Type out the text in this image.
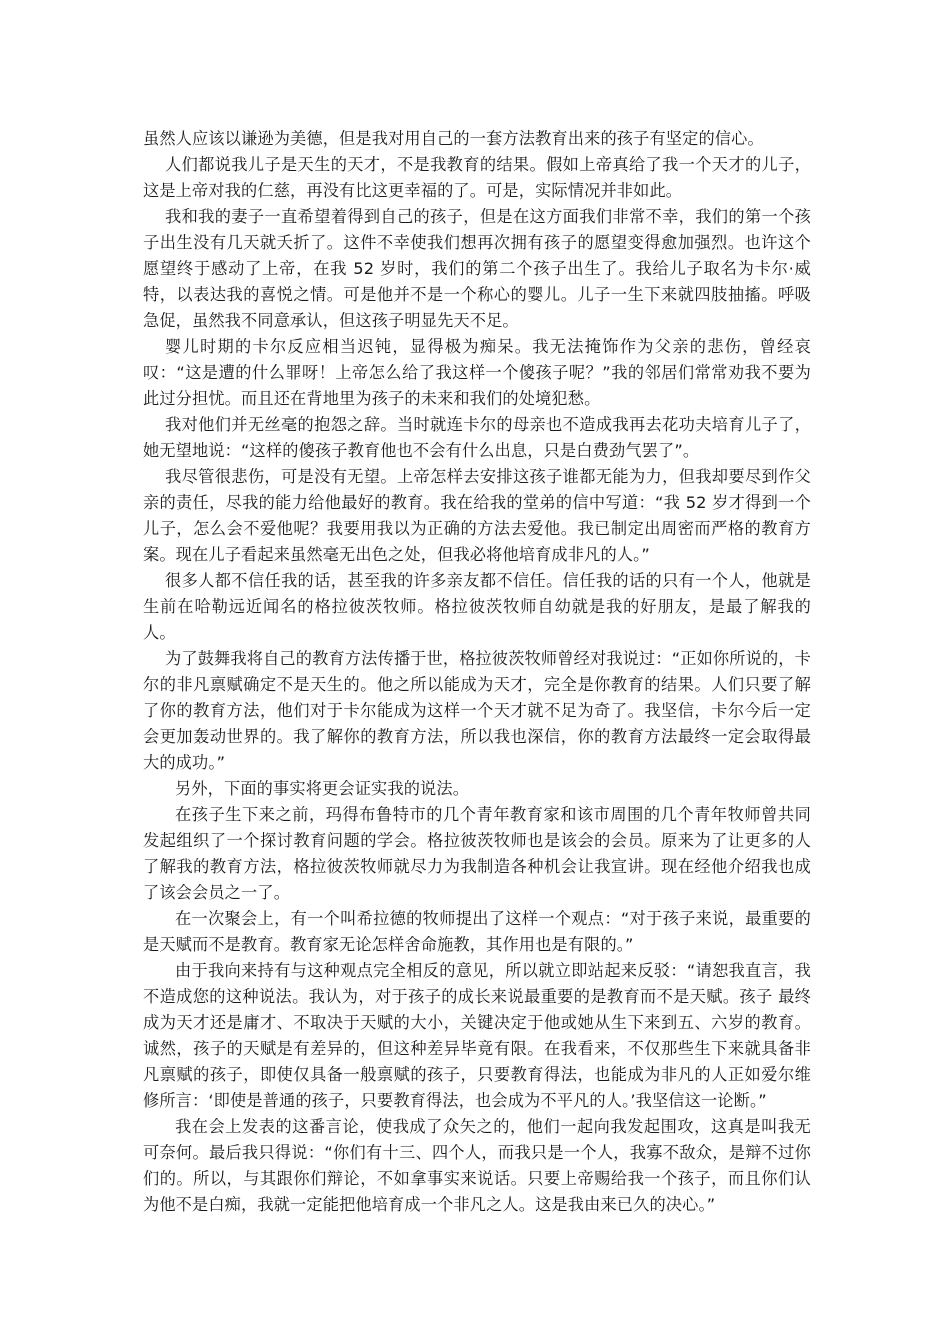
虽然人应该以谦逊为美德，但是我对用自己的一套方法教育出来的孩子有坚定的信心。

人们都说我儿子是天生的天才，不是我教育的结果。假如上帝真给了我一个天才的儿子，这是上帝对我的仁慈，再没有比这更幸福的了。可是，实际情况并非如此。

我和我的妻子一直希望着得到自己的孩子，但是在这方面我们非常不幸，我们的第一个孩子出生没有几天就夭折了。这件不幸使我们想再次拥有孩子的愿望变得愈加强烈。也许这个愿望终于感动了上帝，在我 52 岁时，我们的第二个孩子出生了。我给儿子取名为卡尔·威特，以表达我的喜悦之情。可是他并不是一个称心的婴儿。儿子一生下来就四肢抽搐。呼吸急促，虽然我不同意承认，但这孩子明显先天不足。

婴儿时期的卡尔反应相当迟钝，显得极为痴呆。我无法掩饰作为父亲的悲伤，曾经哀叹：“这是遭的什么罪呀！上帝怎么给了我这样一个傻孩子呢？”我的邻居们常常劝我不要为此过分担忧。而且还在背地里为孩子的未来和我们的处境犯愁。

我对他们并无丝毫的抱怨之辞。当时就连卡尔的母亲也不造成我再去花功夫培育儿子了，她无望地说：“这样的傻孩子教育他也不会有什么出息，只是白费劲气罢了”。

我尽管很悲伤，可是没有无望。上帝怎样去安排这孩子谁都无能为力，但我却要尽到作父亲的责任，尽我的能力给他最好的教育。我在给我的堂弟的信中写道：“我 52 岁才得到一个儿子，怎么会不爱他呢？我要用我以为正确的方法去爱他。我已制定出周密而严格的教育方案。现在儿子看起来虽然毫无出色之处，但我必将他培育成非凡的人。”

很多人都不信任我的话，甚至我的许多亲友都不信任。信任我的话的只有一个人，他就是生前在哈勒远近闻名的格拉彼茨牧师。格拉彼茨牧师自幼就是我的好朋友，是最了解我的人。

为了鼓舞我将自己的教育方法传播于世，格拉彼茨牧师曾经对我说过：“正如你所说的，卡尔的非凡禀赋确定不是天生的。他之所以能成为天才，完全是你教育的结果。人们只要了解了你的教育方法，他们对于卡尔能成为这样一个天才就不足为奇了。我坚信，卡尔今后一定会更加轰动世界的。我了解你的教育方法，所以我也深信，你的教育方法最终一定会取得最大的成功。”

另外，下面的事实将更会证实我的说法。

在孩子生下来之前，玛得布鲁特市的几个青年教育家和该市周围的几个青年牧师曾共同发起组织了一个探讨教育问题的学会。格拉彼茨牧师也是该会的会员。原来为了让更多的人了解我的教育方法，格拉彼茨牧师就尽力为我制造各种机会让我宣讲。现在经他介绍我也成了该会会员之一了。

在一次聚会上，有一个叫希拉德的牧师提出了这样一个观点：“对于孩子来说，最重要的是天赋而不是教育。教育家无论怎样舍命施教，其作用也是有限的。”

由于我向来持有与这种观点完全相反的意见，所以就立即站起来反驳：“请恕我直言，我不造成您的这种说法。我认为，对于孩子的成长来说最重要的是教育而不是天赋。孩子 最终成为天才还是庸才、不取决于天赋的大小，关键决定于他或她从生下来到五、六岁的教育。诚然，孩子的天赋是有差异的，但这种差异毕竟有限。在我看来，不仅那些生下来就具备非凡禀赋的孩子，即使仅具备一般禀赋的孩子，只要教育得法，也能成为非凡的人正如爱尔维修所言：‘即使是普通的孩子，只要教育得法，也会成为不平凡的人。’我坚信这一论断。”

我在会上发表的这番言论，使我成了众矢之的，他们一起向我发起围攻，这真是叫我无可奈何。最后我只得说：“你们有十三、四个人，而我只是一个人，我寡不敌众，是辩不过你们的。所以，与其跟你们辩论，不如拿事实来说话。只要上帝赐给我一个孩子，而且你们认为他不是白痴，我就一定能把他培育成一个非凡之人。这是我由来已久的决心。”
